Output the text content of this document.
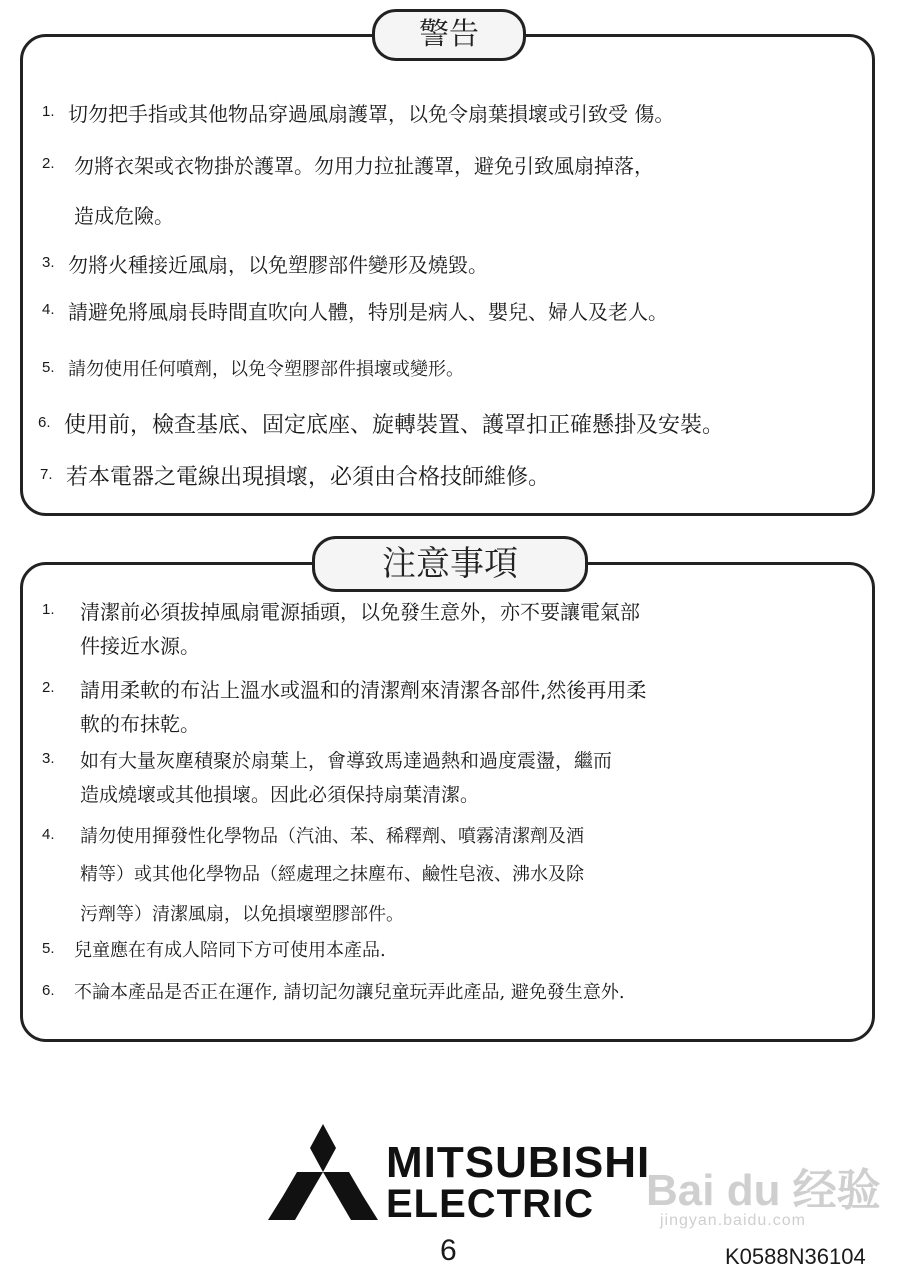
警告
1. 切勿把手指或其他物品穿過風扇護罩，以免令扇葉損壞或引致受 傷。
2. 勿將衣架或衣物掛於護罩。勿用力拉扯護罩，避免引致風扇掉落，
造成危險。
3. 勿將火種接近風扇，以免塑膠部件變形及燒毀。
4. 請避免將風扇長時間直吹向人體，特別是病人、嬰兒、婦人及老人。
5. 請勿使用任何噴劑，以免令塑膠部件損壞或變形。
6. 使用前，檢查基底、固定底座、旋轉裝置、護罩扣正確懸掛及安裝。
7. 若本電器之電線出現損壞，必須由合格技師維修。
注意事項
1. 清潔前必須拔掉風扇電源插頭，以免發生意外，亦不要讓電氣部
件接近水源。
2. 請用柔軟的布沾上溫水或溫和的清潔劑來清潔各部件,然後再用柔
軟的布抹乾。
3. 如有大量灰塵積聚於扇葉上，會導致馬達過熱和過度震盪，繼而
造成燒壞或其他損壞。因此必須保持扇葉清潔。
4. 請勿使用揮發性化學物品（汽油、苯、稀釋劑、噴霧清潔劑及酒
精等）或其他化學物品（經處理之抹塵布、鹼性皂液、沸水及除
污劑等）清潔風扇，以免損壞塑膠部件。
5. 兒童應在有成人陪同下方可使用本產品.
6. 不論本產品是否正在運作, 請切記勿讓兒童玩弄此產品, 避免發生意外.
MITSUBISHI
ELECTRIC Bai du 经验
jingyan.baidu.com
6	K0588N36104
